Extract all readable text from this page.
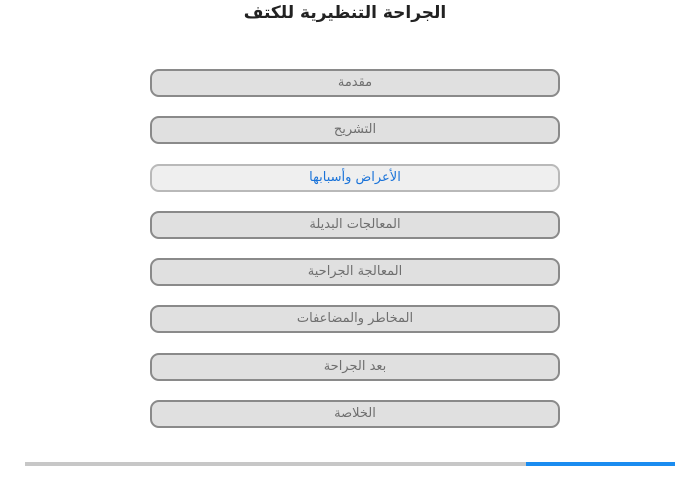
الجراحة التنظيرية للكتف
مقدمة
التشريح
الأعراض وأسبابها
المعالجات البديلة
المعالجة الجراحية
المخاطر والمضاعفات
بعد الجراحة
الخلاصة
